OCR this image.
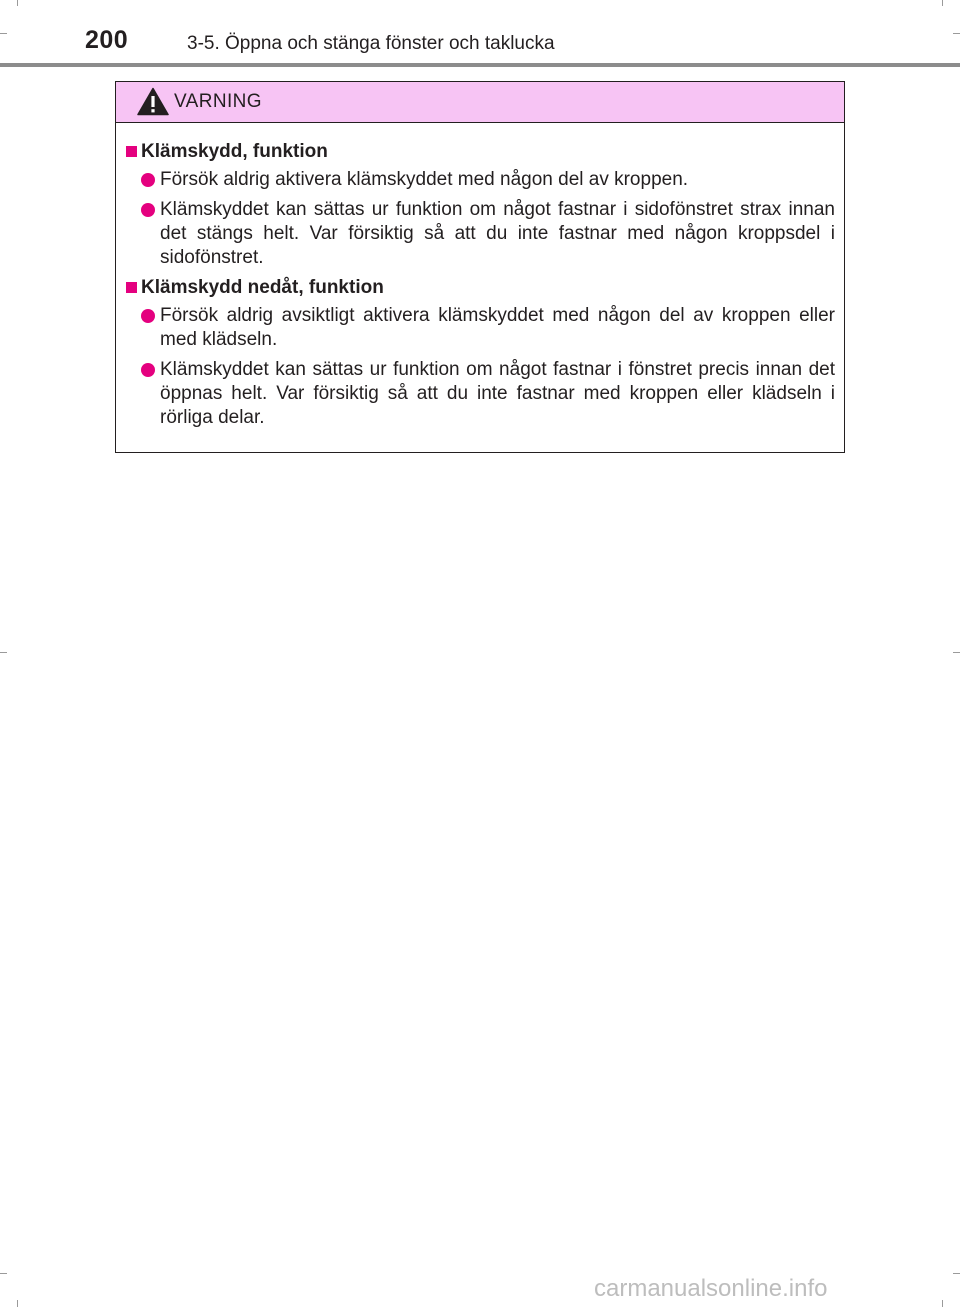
200	3-5. Öppna och stänga fönster och taklucka
VARNING
Klämskydd, funktion
Försök aldrig aktivera klämskyddet med någon del av kroppen.
Klämskyddet kan sättas ur funktion om något fastnar i sidofönstret strax innan det stängs helt. Var försiktig så att du inte fastnar med någon kroppsdel i sidofönstret.
Klämskydd nedåt, funktion
Försök aldrig avsiktligt aktivera klämskyddet med någon del av kroppen eller med klädseln.
Klämskyddet kan sättas ur funktion om något fastnar i fönstret precis innan det öppnas helt. Var försiktig så att du inte fastnar med kroppen eller klädseln i rörliga delar.
carmanualsonline.info
